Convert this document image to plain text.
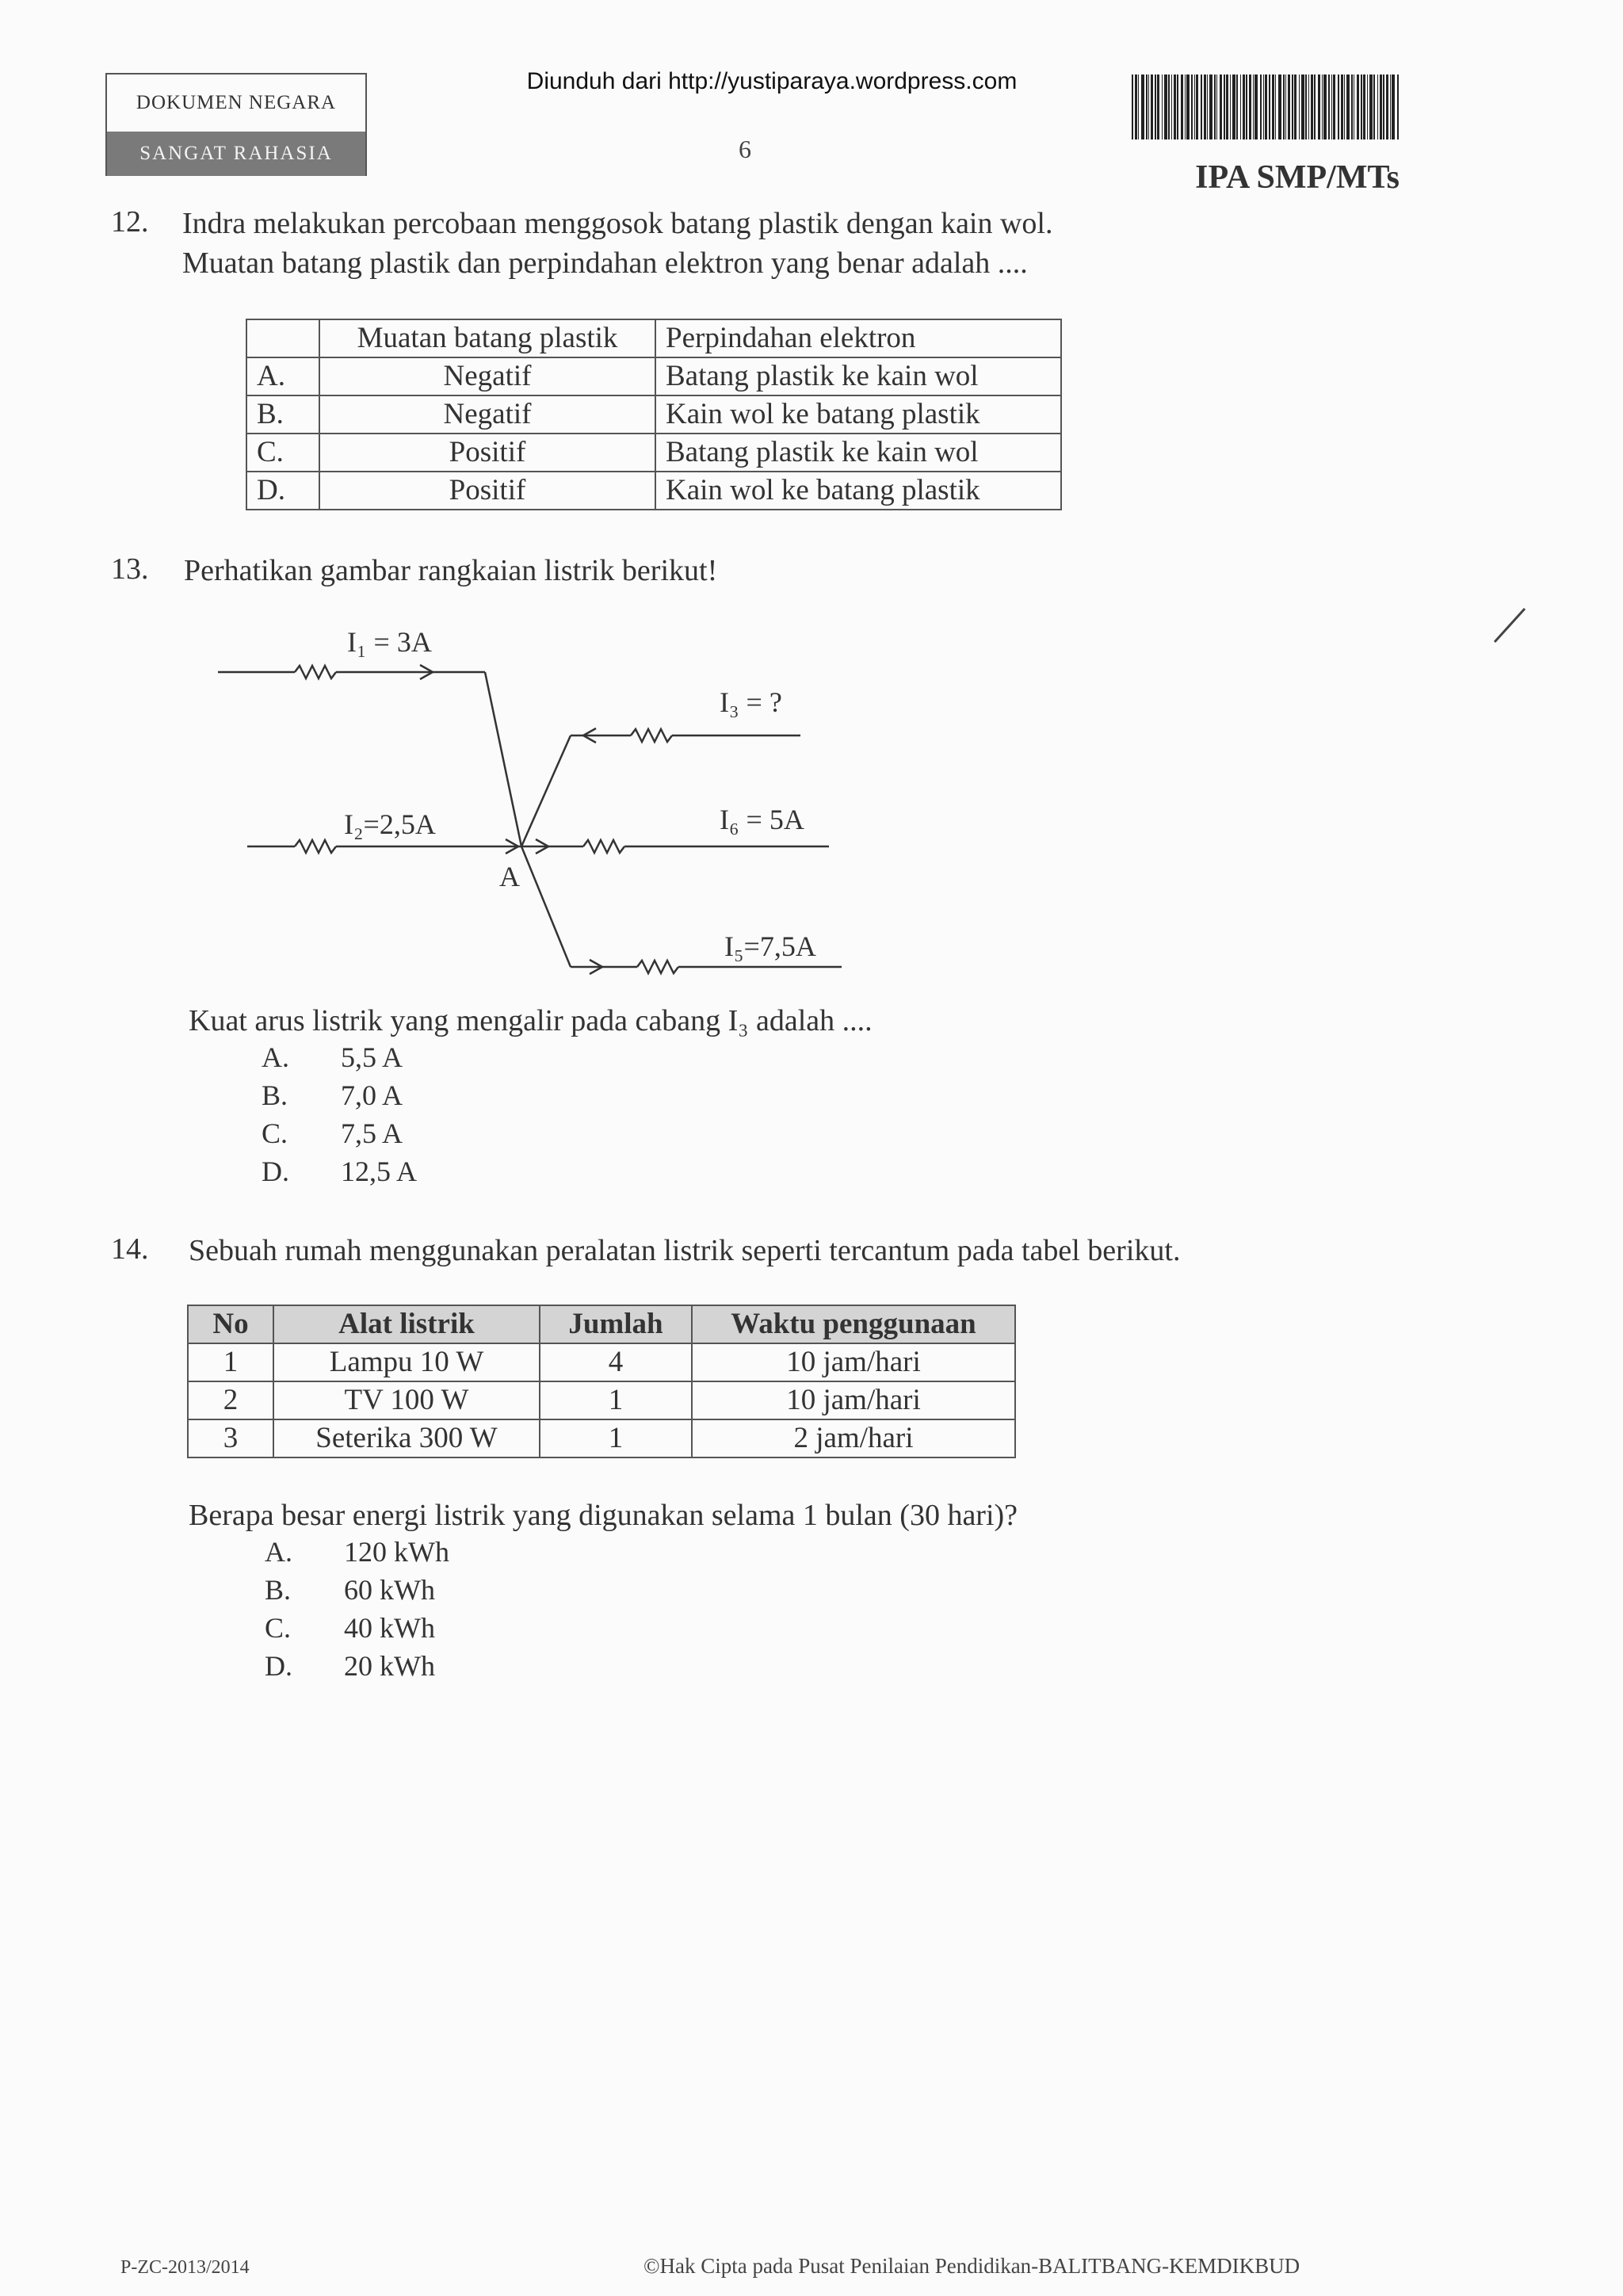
DOKUMEN NEGARA
SANGAT RAHASIA
Diunduh dari http://yustiparaya.wordpress.com
6
IPA SMP/MTs
12. Indra melakukan percobaan menggosok batang plastik dengan kain wol.
Muatan batang plastik dan perpindahan elektron yang benar adalah ....
	Muatan batang plastik	Perpindahan elektron
A.	Negatif	Batang plastik ke kain wol
B.	Negatif	Kain wol ke batang plastik
C.	Positif	Batang plastik ke kain wol
D.	Positif	Kain wol ke batang plastik
13. Perhatikan gambar rangkaian listrik berikut!
I₁ = 3A
I₃ = ?
I₂=2,5A	I₆ = 5A
A
I₅=7,5A
Kuat arus listrik yang mengalir pada cabang I₃ adalah ....
A. 5,5 A
B. 7,0 A
C. 7,5 A
D. 12,5 A
14. Sebuah rumah menggunakan peralatan listrik seperti tercantum pada tabel berikut.
No	Alat listrik	Jumlah	Waktu penggunaan
1	Lampu 10 W	4	10 jam/hari
2	TV 100 W	1	10 jam/hari
3	Seterika 300 W	1	2 jam/hari
Berapa besar energi listrik yang digunakan selama 1 bulan (30 hari)?
A. 120 kWh
B. 60 kWh
C. 40 kWh
D. 20 kWh
P-ZC-2013/2014	©Hak Cipta pada Pusat Penilaian Pendidikan-BALITBANG-KEMDIKBUD
